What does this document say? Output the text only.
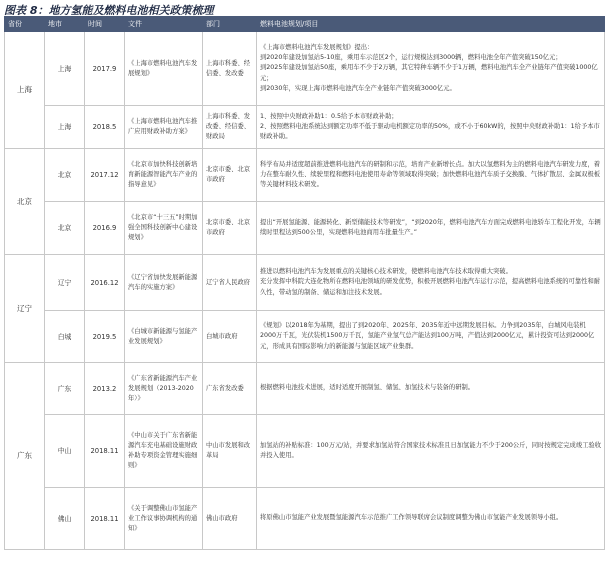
图表 8：地方氢能及燃料电池相关政策梳理
省份	地市	时间	文件	部门	燃料电池规划/项目
上海	上海	2017.9	《上海市燃料电池汽车发展规划》	上海市科委、经信委、发改委	《上海市燃料电池汽车发展规划》提出：
到2020年建设加氢站5-10座，乘用车示范区2个，运行规模达到3000辆，燃料电池全年产值突破150亿元；
到2025年建设加氢站50座，乘用车不少于2万辆，其它特种车辆不少于1万辆，燃料电池汽车全产业链年产值突破1000亿元；
到2030年，实现上海市燃料电池汽车全产业链年产值突破3000亿元。
	上海	2018.5	《上海市燃料电池汽车推广应用财政补助方案》	上海市科委、发改委、经信委、财政局	1、按照中央财政补助1：0.5给予本市财政补助；
2、按照燃料电池系统达到额定功率不低于驱动电机额定功率的50%，或不小于60kW的，按照中央财政补助1：1给予本市财政补助。
北京	北京	2017.12	《北京市加快科技创新培育新能源智能汽车产业的指导意见》	北京市委、北京市政府	科学布局并适度超前推进燃料电池汽车的研制和示范，培育产业新增长点。加大以氢燃料为主的燃料电池汽车研发力度，着力在整车耐久性、续驶里程和燃料电池使用寿命等领域取得突破；加快燃料电池汽车质子交换膜、气体扩散层、金属双极板等关键材料技术研发。
	北京	2016.9	《北京市“十三五”时期加强全国科技创新中心建设规划》	北京市委、北京市政府	提出“开展氢能源、能源转化、新型储能技术等研发”，“到2020年，燃料电池汽车方面完成燃料电池轿车工程化开发，车辆续时里程达到500公里，实现燃料电池商用车批量生产。”
辽宁	辽宁	2016.12	《辽宁省加快发展新能源汽车的实施方案》	辽宁省人民政府	推进以燃料电池汽车为发展重点的关键核心技术研发，使燃料电池汽车技术取得重大突破。
充分发挥中科院大连化物所在燃料电池领域的研发优势，积极开展燃料电池汽车运行示范，提高燃料电池系统的可靠性和耐久性，带动氢的制备、储运和加注技术发展。
	白城	2019.5	《白城市新能源与氢能产业发展规划》	白城市政府	《规划》以2018年为基期，提出了到2020年、2025年、2035年近中远期发展目标。力争到2035年，白城风电装机2000万千瓦，光伏装机1500万千瓦，氢能产业氢气总产能达到100万吨，产值达到2000亿元，累计投资可达到2000亿元，形成具有国际影响力的新能源与氢能区域产业集群。
广东	广东	2013.2	《广东省新能源汽车产业发展规划（2013-2020年）》	广东省发改委	根据燃料电池技术进展，适时适度开展制氢、储氢、加氢技术与装备的研制。
	中山	2018.11	《中山市关于广东省新能源汽车充电基础设施财政补助专项资金管理实施细则》	中山市发展和改革局	加氢站的补贴标准：100万元/站，并要求加氢站符合国家技术标准且日加氢能力不少于200公斤，同时按规定完成竣工验收并投入使用。
	佛山	2018.11	《关于调整佛山市氢能产业工作议事协调机构的通知》	佛山市政府	将原佛山市氢能产业发展暨氢能源汽车示范推广工作领导联席会议制度调整为佛山市氢能产业发展领导小组。
